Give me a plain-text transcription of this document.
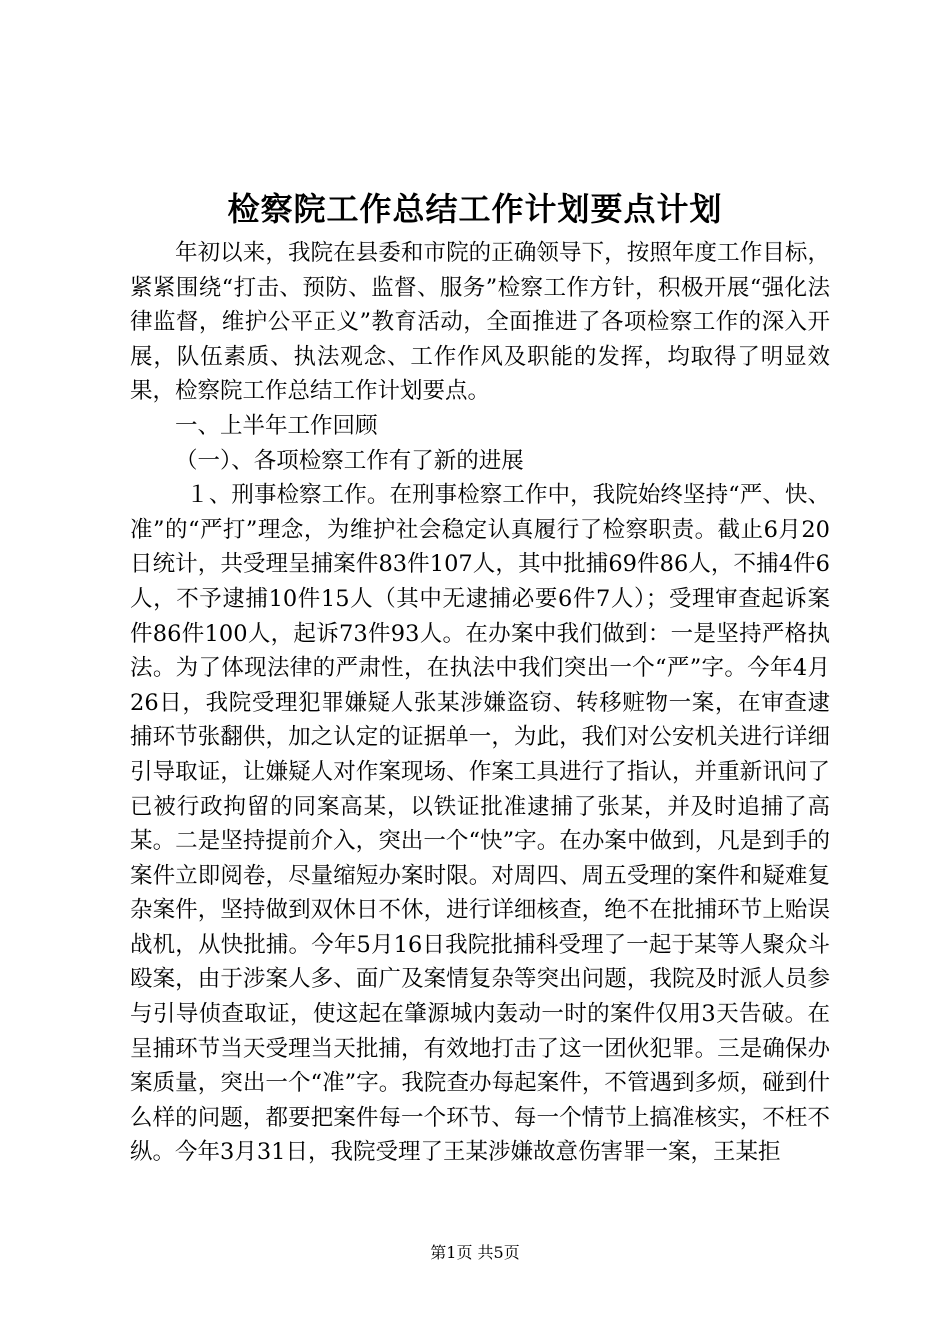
检察院工作总结工作计划要点计划

年初以来，我院在县委和市院的正确领导下，按照年度工作目标，紧紧围绕“打击、预防、监督、服务”检察工作方针，积极开展“强化法律监督，维护公平正义”教育活动，全面推进了各项检察工作的深入开展，队伍素质、执法观念、工作作风及职能的发挥，均取得了明显效果，检察院工作总结工作计划要点。

一、上半年工作回顾

（一）、各项检察工作有了新的进展

１、刑事检察工作。在刑事检察工作中，我院始终坚持“严、快、准”的“严打”理念，为维护社会稳定认真履行了检察职责。截止6月20日统计，共受理呈捕案件83件107人，其中批捕69件86人，不捕4件6人，不予逮捕10件15人（其中无逮捕必要6件7人）；受理审查起诉案件86件100人，起诉73件93人。在办案中我们做到：一是坚持严格执法。为了体现法律的严肃性，在执法中我们突出一个“严”字。今年4月26日，我院受理犯罪嫌疑人张某涉嫌盗窃、转移赃物一案，在审查逮捕环节张翻供，加之认定的证据单一，为此，我们对公安机关进行详细引导取证，让嫌疑人对作案现场、作案工具进行了指认，并重新讯问了已被行政拘留的同案高某，以铁证批准逮捕了张某，并及时追捕了高某。二是坚持提前介入，突出一个“快”字。在办案中做到，凡是到手的案件立即阅卷，尽量缩短办案时限。对周四、周五受理的案件和疑难复杂案件，坚持做到双休日不休，进行详细核查，绝不在批捕环节上贻误战机，从快批捕。今年5月16日我院批捕科受理了一起于某等人聚众斗殴案，由于涉案人多、面广及案情复杂等突出问题，我院及时派人员参与引导侦查取证，使这起在肇源城内轰动一时的案件仅用3天告破。在呈捕环节当天受理当天批捕，有效地打击了这一团伙犯罪。三是确保办案质量，突出一个“准”字。我院查办每起案件，不管遇到多烦，碰到什么样的问题，都要把案件每一个环节、每一个情节上搞准核实，不枉不纵。今年3月31日，我院受理了王某涉嫌故意伤害罪一案，王某拒

第1页 共5页
